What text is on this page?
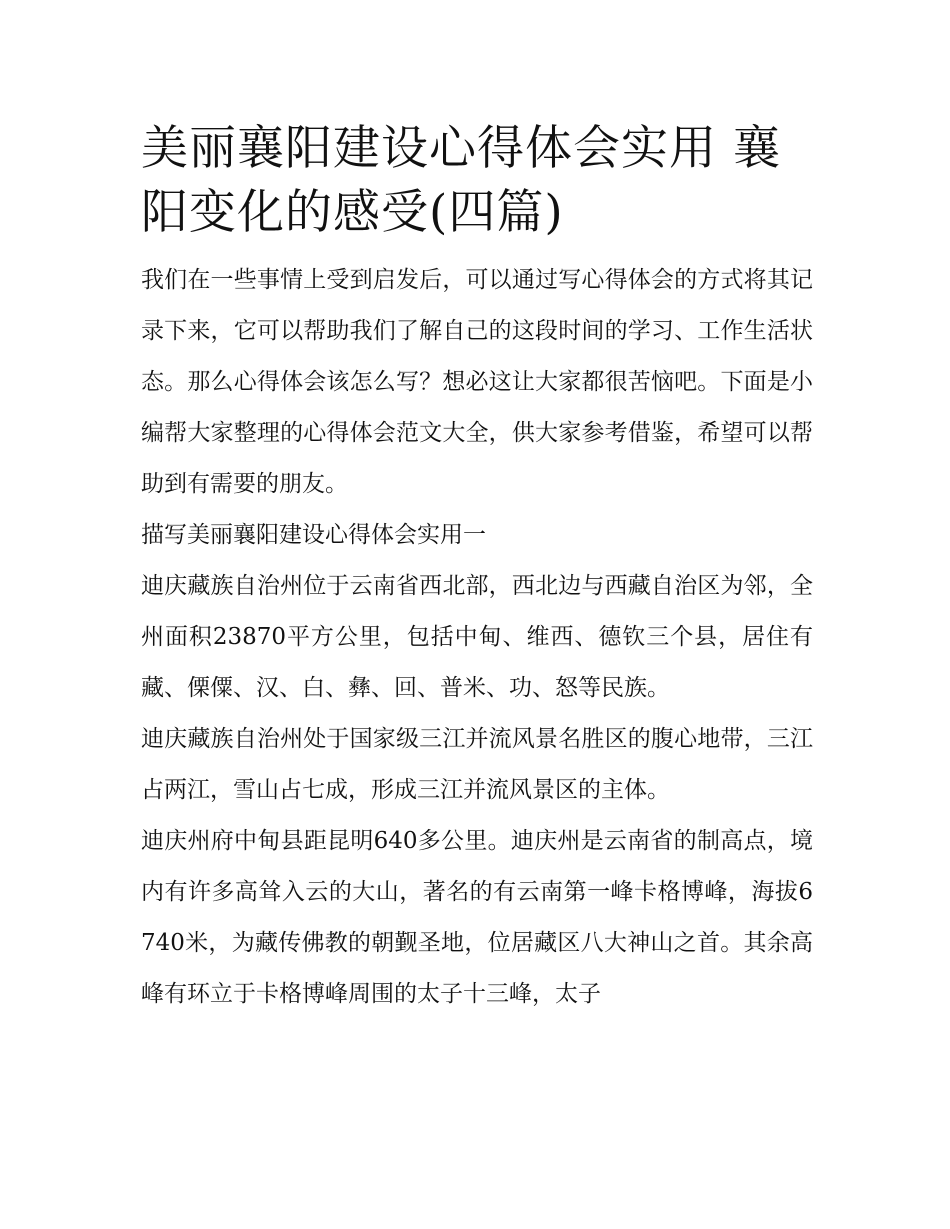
美丽襄阳建设心得体会实用 襄阳变化的感受(四篇)

我们在一些事情上受到启发后，可以通过写心得体会的方式将其记录下来，它可以帮助我们了解自己的这段时间的学习、工作生活状态。那么心得体会该怎么写？想必这让大家都很苦恼吧。下面是小编帮大家整理的心得体会范文大全，供大家参考借鉴，希望可以帮助到有需要的朋友。

描写美丽襄阳建设心得体会实用一

迪庆藏族自治州位于云南省西北部，西北边与西藏自治区为邻，全州面积23870平方公里，包括中甸、维西、德钦三个县，居住有藏、傈僳、汉、白、彝、回、普米、功、怒等民族。

迪庆藏族自治州处于国家级三江并流风景名胜区的腹心地带，三江占两江，雪山占七成，形成三江并流风景区的主体。

迪庆州府中甸县距昆明640多公里。迪庆州是云南省的制高点，境内有许多高耸入云的大山，著名的有云南第一峰卡格博峰，海拔6740米，为藏传佛教的朝觐圣地，位居藏区八大神山之首。其余高峰有环立于卡格博峰周围的太子十三峰，太子
